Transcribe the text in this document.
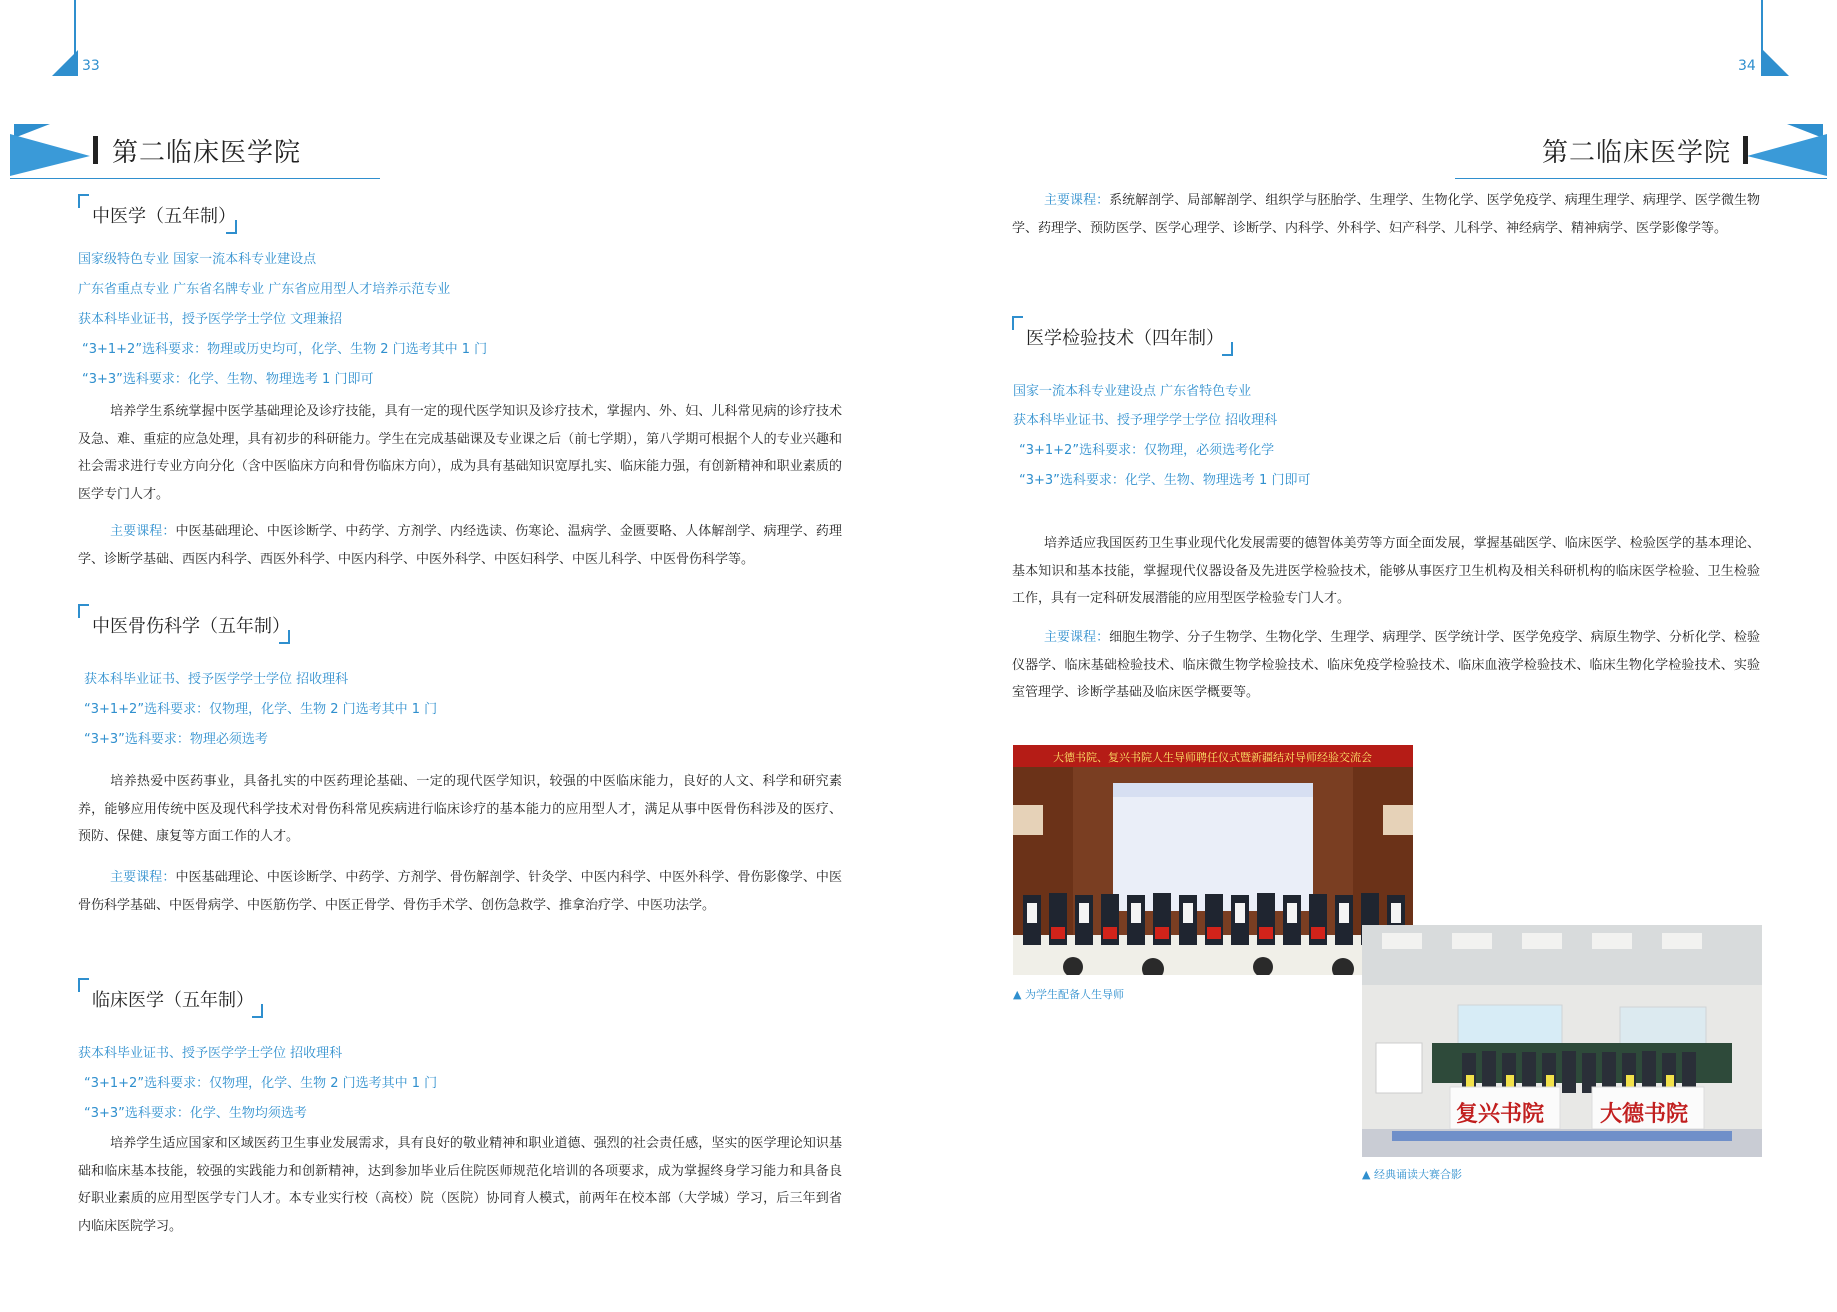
33
第二临床医学院
中医学（五年制）
国家级特色专业 国家一流本科专业建设点
广东省重点专业 广东省名牌专业 广东省应用型人才培养示范专业
获本科毕业证书，授予医学学士学位 文理兼招
“3+1+2”选科要求：物理或历史均可，化学、生物 2 门选考其中 1 门
“3+3”选科要求：化学、生物、物理选考 1 门即可
培养学生系统掌握中医学基础理论及诊疗技能，具有一定的现代医学知识及诊疗技术，掌握内、外、妇、儿科常见病的诊疗技术及急、难、重症的应急处理，具有初步的科研能力。学生在完成基础课及专业课之后（前七学期），第八学期可根据个人的专业兴趣和社会需求进行专业方向分化（含中医临床方向和骨伤临床方向），成为具有基础知识宽厚扎实、临床能力强，有创新精神和职业素质的医学专门人才。
主要课程：中医基础理论、中医诊断学、中药学、方剂学、内经选读、伤寒论、温病学、金匮要略、人体解剖学、病理学、药理学、诊断学基础、西医内科学、西医外科学、中医内科学、中医外科学、中医妇科学、中医儿科学、中医骨伤科学等。
中医骨伤科学（五年制）
获本科毕业证书、授予医学学士学位 招收理科
“3+1+2”选科要求：仅物理，化学、生物 2 门选考其中 1 门
“3+3”选科要求：物理必须选考
培养热爱中医药事业，具备扎实的中医药理论基础、一定的现代医学知识，较强的中医临床能力，良好的人文、科学和研究素养，能够应用传统中医及现代科学技术对骨伤科常见疾病进行临床诊疗的基本能力的应用型人才，满足从事中医骨伤科涉及的医疗、预防、保健、康复等方面工作的人才。
主要课程：中医基础理论、中医诊断学、中药学、方剂学、骨伤解剖学、针灸学、中医内科学、中医外科学、骨伤影像学、中医骨伤科学基础、中医骨病学、中医筋伤学、中医正骨学、骨伤手术学、创伤急救学、推拿治疗学、中医功法学。
临床医学（五年制）
获本科毕业证书、授予医学学士学位 招收理科
“3+1+2”选科要求：仅物理，化学、生物 2 门选考其中 1 门
“3+3”选科要求：化学、生物均须选考
培养学生适应国家和区域医药卫生事业发展需求，具有良好的敬业精神和职业道德、强烈的社会责任感，坚实的医学理论知识基础和临床基本技能，较强的实践能力和创新精神，达到参加毕业后住院医师规范化培训的各项要求，成为掌握终身学习能力和具备良好职业素质的应用型医学专门人才。本专业实行校（高校）院（医院）协同育人模式，前两年在校本部（大学城）学习，后三年到省内临床医院学习。
34
第二临床医学院
主要课程：系统解剖学、局部解剖学、组织学与胚胎学、生理学、生物化学、医学免疫学、病理生理学、病理学、医学微生物学、药理学、预防医学、医学心理学、诊断学、内科学、外科学、妇产科学、儿科学、神经病学、精神病学、医学影像学等。
医学检验技术（四年制）
国家一流本科专业建设点 广东省特色专业
获本科毕业证书、授予理学学士学位 招收理科
“3+1+2”选科要求：仅物理，必须选考化学
“3+3”选科要求：化学、生物、物理选考 1 门即可
培养适应我国医药卫生事业现代化发展需要的德智体美劳等方面全面发展，掌握基础医学、临床医学、检验医学的基本理论、基本知识和基本技能，掌握现代仪器设备及先进医学检验技术，能够从事医疗卫生机构及相关科研机构的临床医学检验、卫生检验工作，具有一定科研发展潜能的应用型医学检验专门人才。
主要课程：细胞生物学、分子生物学、生物化学、生理学、病理学、医学统计学、医学免疫学、病原生物学、分析化学、检验仪器学、临床基础检验技术、临床微生物学检验技术、临床免疫学检验技术、临床血液学检验技术、临床生物化学检验技术、实验室管理学、诊断学基础及临床医学概要等。
大德书院、复兴书院人生导师聘任仪式暨新疆结对导师经验交流会
▲ 为学生配备人生导师
复兴书院	大德书院
▲ 经典诵读大赛合影
